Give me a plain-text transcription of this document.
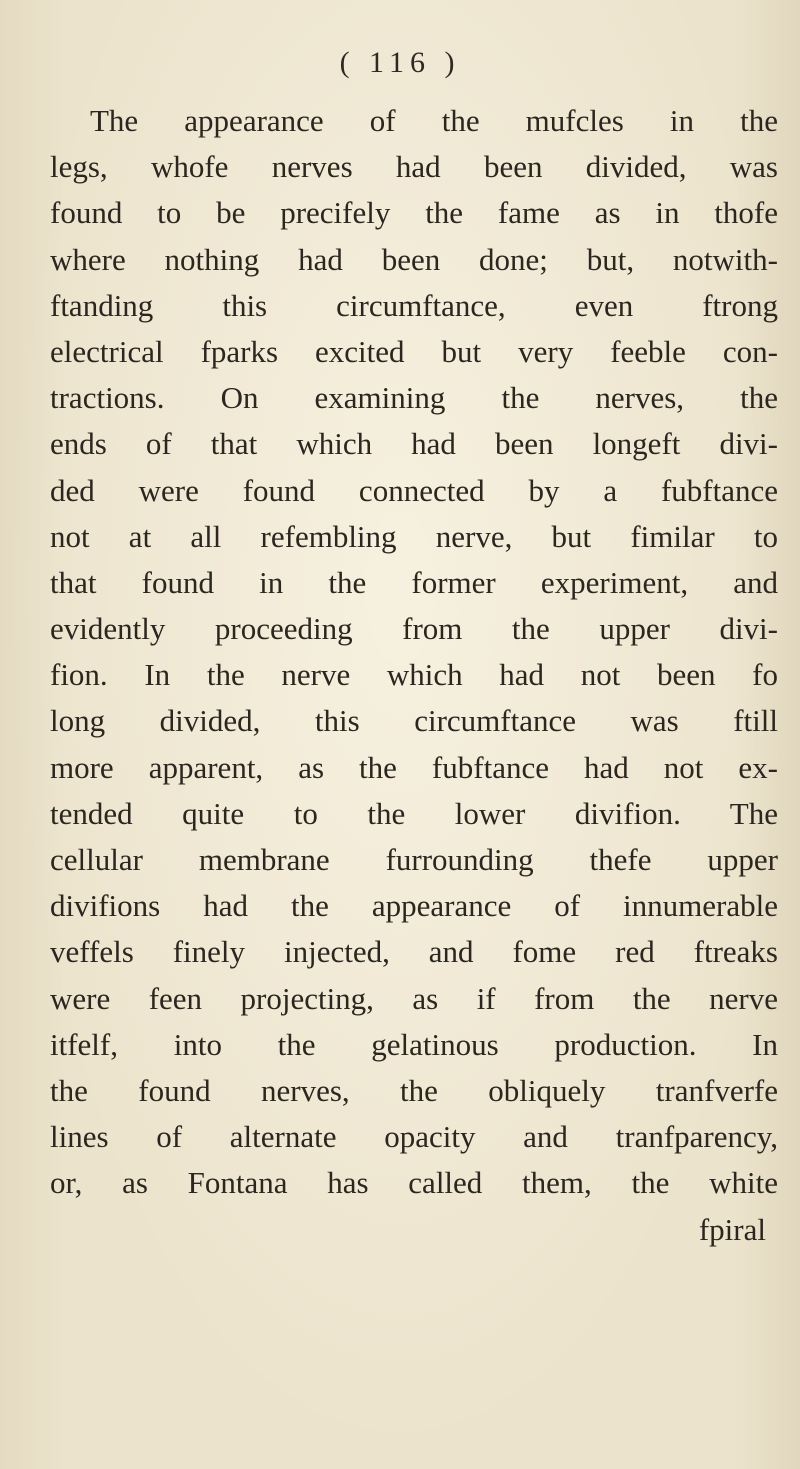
( 116 )
The appearance of the mufcles in the
legs, whofe nerves had been divided, was
found to be precifely the fame as in thofe
where nothing had been done; but, notwith-
ftanding this circumftance, even ftrong
electrical fparks excited but very feeble con-
tractions. On examining the nerves, the
ends of that which had been longeft divi-
ded were found connected by a fubftance
not at all refembling nerve, but fimilar to
that found in the former experiment, and
evidently proceeding from the upper divi-
fion. In the nerve which had not been fo
long divided, this circumftance was ftill
more apparent, as the fubftance had not ex-
tended quite to the lower divifion. The
cellular membrane furrounding thefe upper
divifions had the appearance of innumerable
veffels finely injected, and fome red ftreaks
were feen projecting, as if from the nerve
itfelf, into the gelatinous production. In
the found nerves, the obliquely tranfverfe
lines of alternate opacity and tranfparency,
or, as Fontana has called them, the white
fpiral
